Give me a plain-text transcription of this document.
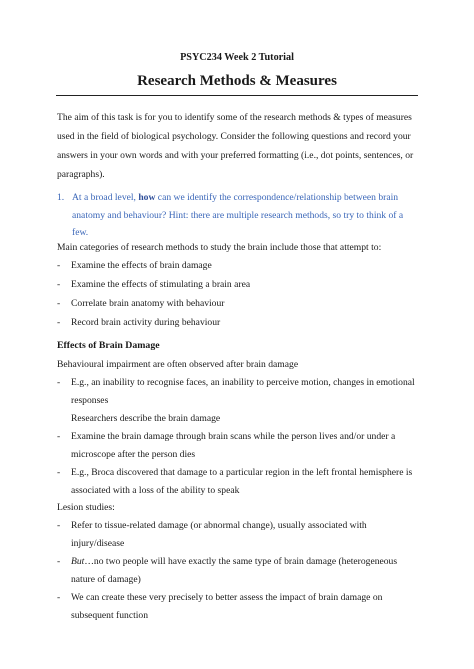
PSYC234 Week 2 Tutorial
Research Methods & Measures
The aim of this task is for you to identify some of the research methods & types of measures used in the field of biological psychology. Consider the following questions and record your answers in your own words and with your preferred formatting (i.e., dot points, sentences, or paragraphs).
1. At a broad level, how can we identify the correspondence/relationship between brain anatomy and behaviour? Hint: there are multiple research methods, so try to think of a few.
Main categories of research methods to study the brain include those that attempt to:
- Examine the effects of brain damage
- Examine the effects of stimulating a brain area
- Correlate brain anatomy with behaviour
- Record brain activity during behaviour
Effects of Brain Damage
Behavioural impairment are often observed after brain damage
- E.g., an inability to recognise faces, an inability to perceive motion, changes in emotional responses
Researchers describe the brain damage
- Examine the brain damage through brain scans while the person lives and/or under a microscope after the person dies
- E.g., Broca discovered that damage to a particular region in the left frontal hemisphere is associated with a loss of the ability to speak
Lesion studies:
- Refer to tissue-related damage (or abnormal change), usually associated with injury/disease
- But…no two people will have exactly the same type of brain damage (heterogeneous nature of damage)
- We can create these very precisely to better assess the impact of brain damage on subsequent function
